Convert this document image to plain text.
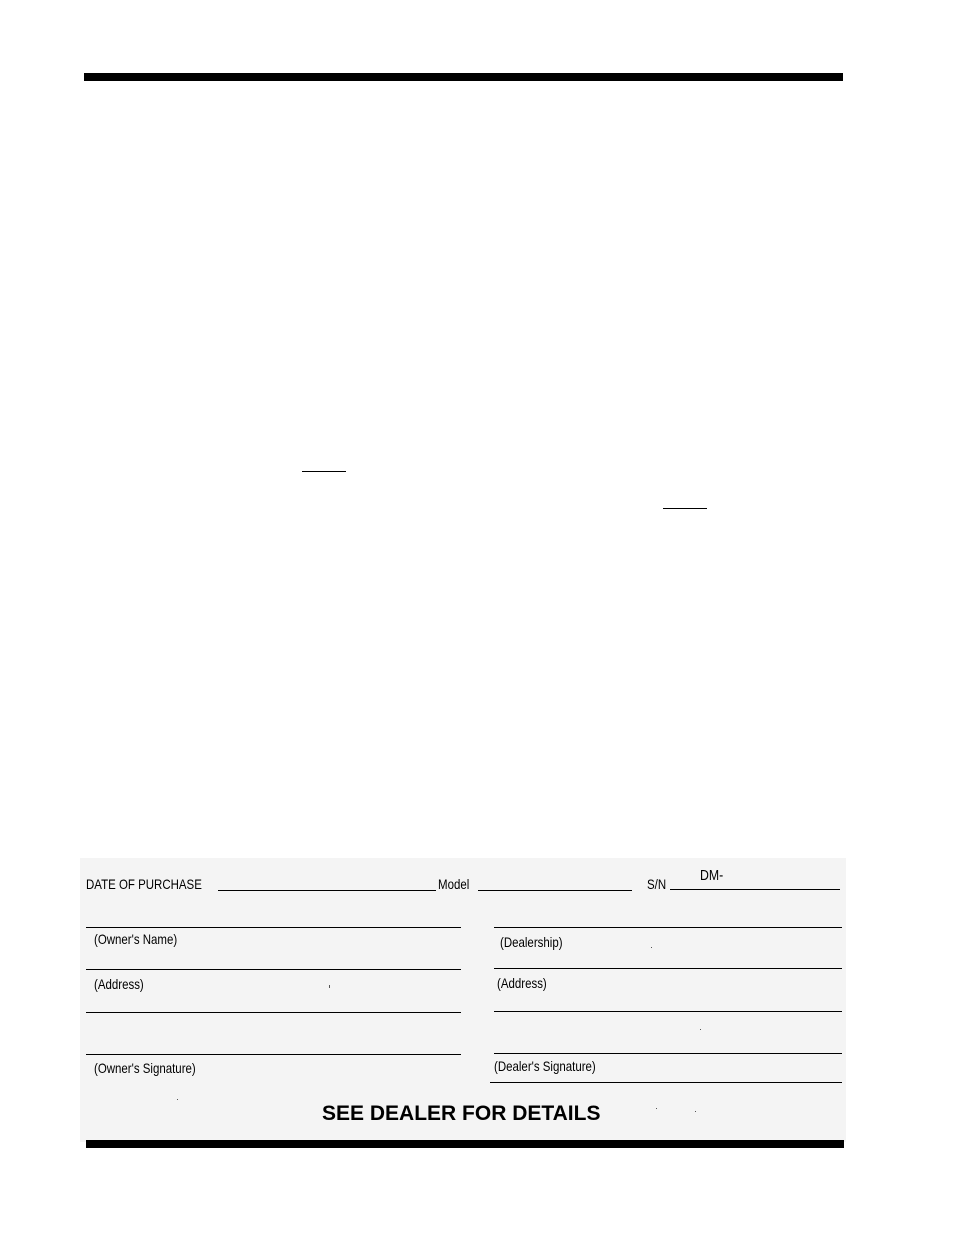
DATE OF PURCHASE	Model	S/N DM-
(Owner's Name)	(Dealership)
(Address)	(Address)
(Owner's Signature)	(Dealer's Signature)
SEE DEALER FOR DETAILS
